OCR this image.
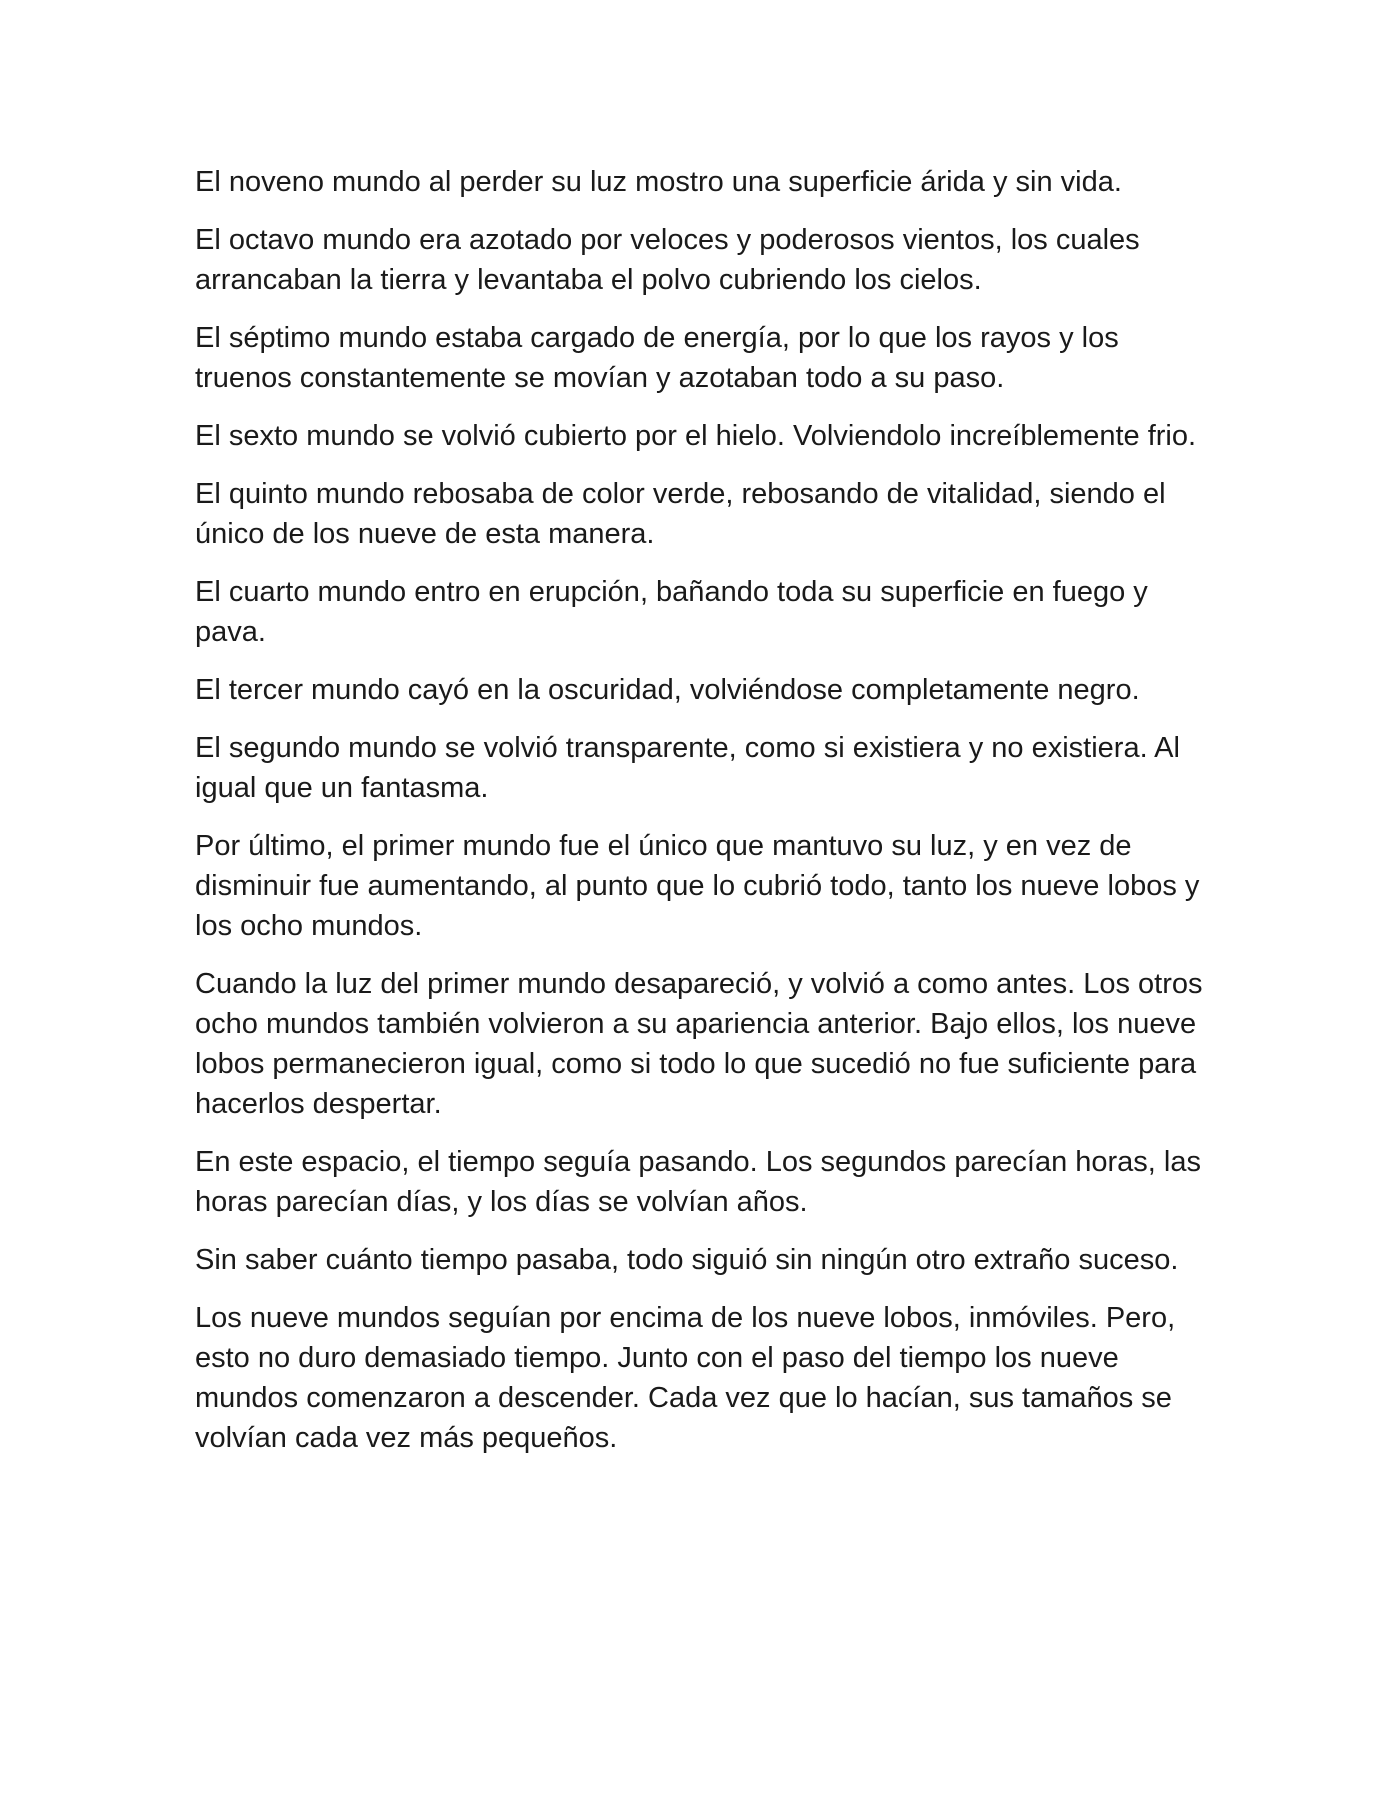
El noveno mundo al perder su luz mostro una superficie árida y sin vida.

El octavo mundo era azotado por veloces y poderosos vientos, los cuales arrancaban la tierra y levantaba el polvo cubriendo los cielos.

El séptimo mundo estaba cargado de energía, por lo que los rayos y los truenos constantemente se movían y azotaban todo a su paso.

El sexto mundo se volvió cubierto por el hielo. Volviendolo increíblemente frio.

El quinto mundo rebosaba de color verde, rebosando de vitalidad, siendo el único de los nueve de esta manera.

El cuarto mundo entro en erupción, bañando toda su superficie en fuego y pava.

El tercer mundo cayó en la oscuridad, volviéndose completamente negro.

El segundo mundo se volvió transparente, como si existiera y no existiera. Al igual que un fantasma.

Por último, el primer mundo fue el único que mantuvo su luz, y en vez de disminuir fue aumentando, al punto que lo cubrió todo, tanto los nueve lobos y los ocho mundos.

Cuando la luz del primer mundo desapareció, y volvió a como antes. Los otros ocho mundos también volvieron a su apariencia anterior. Bajo ellos, los nueve lobos permanecieron igual, como si todo lo que sucedió no fue suficiente para hacerlos despertar.

En este espacio, el tiempo seguía pasando. Los segundos parecían horas, las horas parecían días, y los días se volvían años.

Sin saber cuánto tiempo pasaba, todo siguió sin ningún otro extraño suceso.

Los nueve mundos seguían por encima de los nueve lobos, inmóviles. Pero, esto no duro demasiado tiempo. Junto con el paso del tiempo los nueve mundos comenzaron a descender. Cada vez que lo hacían, sus tamaños se volvían cada vez más pequeños.
